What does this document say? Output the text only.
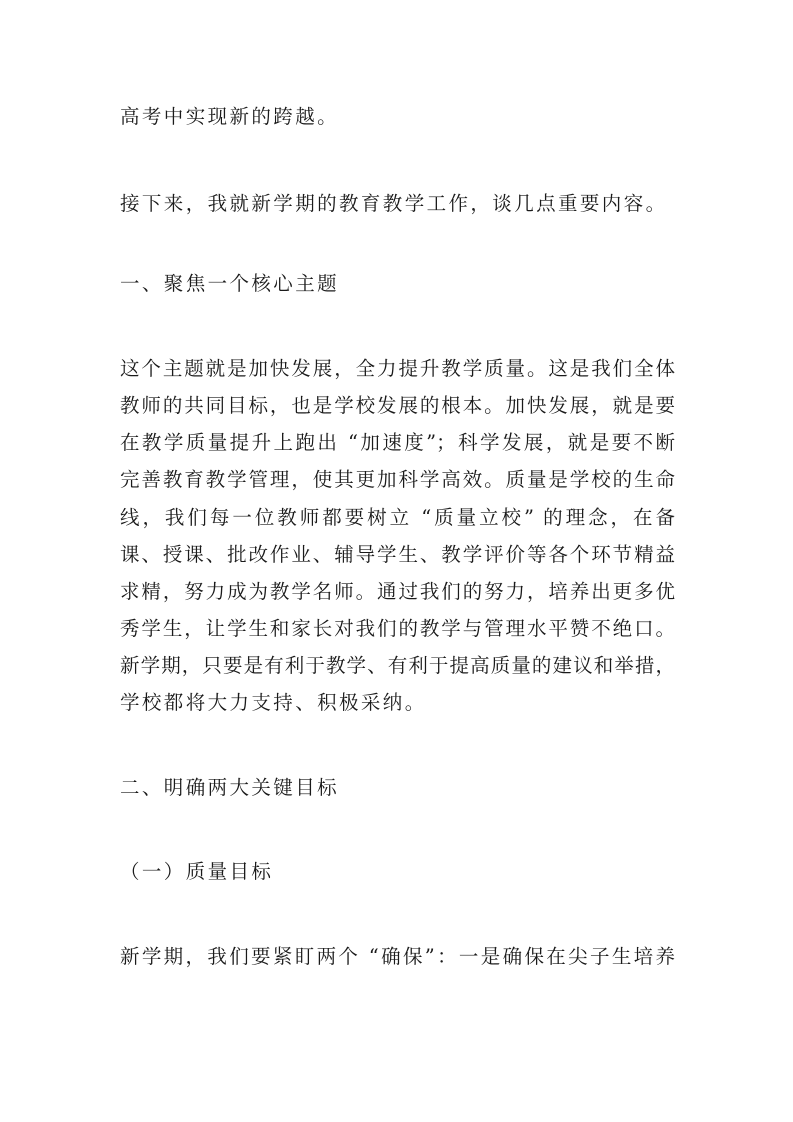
高考中实现新的跨越。
接下来，我就新学期的教育教学工作，谈几点重要内容。
一、聚焦一个核心主题
这个主题就是加快发展，全力提升教学质量。这是我们全体
教师的共同目标，也是学校发展的根本。加快发展，就是要
在教学质量提升上跑出 “加速度”；科学发展，就是要不断
完善教育教学管理，使其更加科学高效。质量是学校的生命
线，我们每一位教师都要树立 “质量立校” 的理念，在备
课、授课、批改作业、辅导学生、教学评价等各个环节精益
求精，努力成为教学名师。通过我们的努力，培养出更多优
秀学生，让学生和家长对我们的教学与管理水平赞不绝口。
新学期，只要是有利于教学、有利于提高质量的建议和举措，
学校都将大力支持、积极采纳。
二、明确两大关键目标
（一）质量目标
新学期，我们要紧盯两个 “确保”：一是确保在尖子生培养
